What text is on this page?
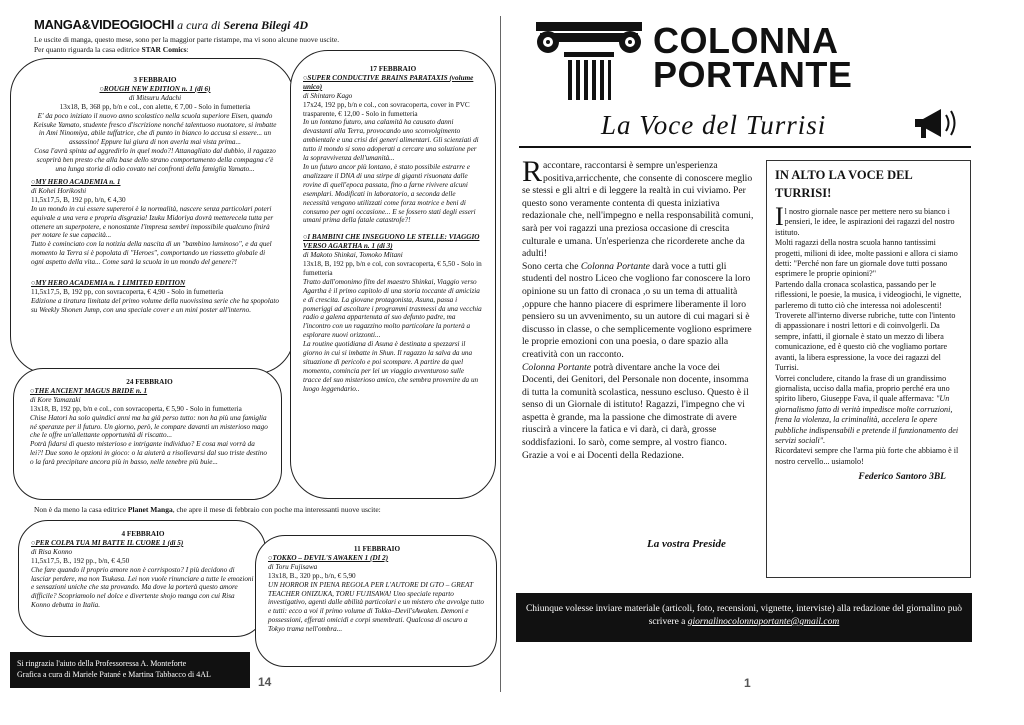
MANGA&VIDEOGIOCHI a cura di Serena Bilegi 4D
Le uscite di manga, questo mese, sono per la maggior parte ristampe, ma vi sono alcune nuove uscite.
Per quanto riguarda la casa editrice STAR Comics:

3 FEBBRAIO

○ROUGH NEW EDITION n. 1 (di 6)

di Mitsuru Adachi

13x18, B, 368 pp, b/n e col., con alette, € 7,00 - Solo in fumetteria

E' da poco iniziato il nuovo anno scolastico nella scuola superiore Eisen, quando Keisuke Yamato, studente fresco d'iscrizione nonché talentuoso nuotatore, si imbatte in Ami Ninomiya, abile tuffatrice, che di punto in bianco lo accusa si essere... un assassino! Eppure lui giura di non averla mai vista prima...

Cosa l'avrà spinta ad aggredirlo in quel modo?! Attanagliato dal dubbio, il ragazzo scoprirà ben presto che alla base dello strano comportamento della compagna c'è una lunga storia di odio covato nei confronti della famiglia Yamato...

○MY HERO ACADEMIA n. 1

di Kohei Horikoshi

11,5x17,5, B, 192 pp, b/n, € 4,30

In un mondo in cui essere supereroi è la normalità, nascere senza particolari poteri equivale a una vera e propria disgrazia! Izuku Midoriya dovrà metterecela tutta per ottenere un superpotere, e nonostante l'impresa sembri impossibile qualcuno finirà per notare le sue capacità...

Tutto è cominciato con la notizia della nascita di un "bambino luminoso", e da quel momento la Terra si è popolata di "Heroes", comportando un riassetto globale di ogni aspetto della vita... Come sarà la scuola in un mondo del genere?!

○MY HERO ACADEMIA n. 1 LIMITED EDITION

11,5x17,5, B, 192 pp, con sovracoperta, € 4,90 - Solo in fumetteria

Edizione a tiratura limitata del primo volume della nuovissima serie che ha spopolato su Weekly Shonen Jump, con una speciale cover e un mini poster all'interno.

17 FEBBRAIO

○SUPER CONDUCTIVE BRAINS PARATAXIS (volume unico)

di Shintaro Kago

17x24, 192 pp, b/n e col., con sovracoperta, cover in PVC trasparente, € 12,00 - Solo in fumetteria

In un lontano futuro, una calamità ha causato danni devastanti alla Terra, provocando uno sconvolgimento ambientale e una crisi dei generi alimentari. Gli scienziati di tutto il mondo si sono adoperati a cercare una soluzione per la sopravvivenza dell'umanità...

In un futuro ancor più lontano, è stato possibile estrarre e analizzare il DNA di una stirpe di giganti risuonata dalle rovine di quell'epoca passata, fino a farne rivivere alcuni esemplari. Modificati in laboratorio, a seconda delle necessità vengono utilizzati come forza motrice e beni di consumo per ogni occasione... E se fossero stati degli esseri umani prima della fatale catastrofe?!

○I BAMBINI CHE INSEGUONO LE STELLE: VIAGGIO VERSO AGARTHA n. 1 (di 3)

di Makoto Shinkai, Tomoko Mitani

13x18, B, 192 pp, b/n e col, con sovracoperta, € 5,50 - Solo in fumetteria

Tratto dall'omonimo film del maestro Shinkai, Viaggio verso Agartha è il primo capitolo di una storia toccante di amicizia e di crescita. La giovane protagonista, Asuna, passa i pomeriggi ad ascoltare i programmi trasmessi da una vecchia radio a galena appartenuta al suo defunto padre, ma l'incontro con un ragazzino molto particolare la porterà a esplorare nuovi orizzonti...

La routine quotidiana di Asuna è destinata a spezzarsi il giorno in cui si imbatte in Shun. Il ragazzo la salva da una situazione di pericolo e poi scompare. A partire da quel momento, comincia per lei un viaggio avventuroso sulle tracce del suo misterioso amico, che sembra provenire da un luogo leggendario..

24 FEBBRAIO

○THE ANCIENT MAGUS BRIDE n. 1

di Kore Yamazaki

13x18, B, 192 pp, b/n e col., con sovracoperta, € 5,90 - Solo in fumetteria

Chise Hatori ha solo quindici anni ma ha già perso tutto: non ha più una famiglia né speranze per il futuro. Un giorno, però, le compare davanti un misterioso mago che le offre un'allettante opportunità di riscatto...

Potrà fidarsi di questo misterioso e intrigante individuo? E cosa mai vorrà da lei?! Due sono le opzioni in gioco: o la aiuterà a risollevarsi dal suo triste destino o la farà precipitare ancora più in basso, nelle tenebre più buie...

Non è da meno la casa editrice Planet Manga, che apre il mese di febbraio con poche ma interessanti nuove uscite:

4 FEBBRAIO

○PER COLPA TUA MI BATTE IL CUORE 1 (di 5)

di Risa Konno

11,5x17,5, B., 192 pp., b/n, € 4,50

Che fare quando il proprio amore non è corrisposto? I più decidono di lasciar perdere, ma non Tsukasa. Lei non vuole rinunciare a tutte le emozioni e sensazioni uniche che sta provando. Ma dove la porterà questo amore difficile? Scopriamolo nel dolce e divertente shojo manga con cui Risa Konno debutta in Italia.

11 FEBBRAIO

○TOKKO – DEVIL'S AWAKEN 1 (DI 2)

di Toru Fujisawa

13x18, B., 320 pp., b/n, € 5,90

UN HORROR IN PIENA REGOLA PER L'AUTORE DI GTO – GREAT TEACHER ONIZUKA, TORU FUJISAWA! Uno speciale reparto investigativo, agenti dalle abilità particolari e un mistero che avvolge tutto e tutti: ecco a voi il primo volume di Tokko–Devil'sAwaken. Demoni e possessioni, efferati omicidi e corpi smembrati. Qualcosa di oscuro a Tokyo trama nell'ombra...

Si ringrazia l'aiuto della Professoressa A. Monteforte
Grafica a cura di Mariele Patané e Martina Tabbacco di 4AL
14
COLONNA
PORTANTE
La Voce del Turrisi
Raccontare, raccontarsi è sempre un'esperienza positiva,arricchente, che consente di conoscere meglio se stessi e gli altri e di leggere la realtà in cui viviamo. Per questo sono veramente contenta di questa iniziativa redazionale che, nell'impegno e nella responsabilità comuni, sarà per voi ragazzi una preziosa occasione di crescita culturale e umana. Un'esperienza che ricorderete anche da adulti!
Sono certa che Colonna Portante darà voce a tutti gli studenti del nostro Liceo che vogliono far conoscere la loro opinione su un fatto di cronaca ,o su un tema di attualità ,oppure che hanno piacere di esprimere liberamente il loro pensiero su un avvenimento, su un autore di cui magari si è discusso in classe, o che semplicemente vogliono esprimere le proprie emozioni con una poesia, o dare spazio alla creatività con un racconto.
Colonna Portante potrà diventare anche la voce dei Docenti, dei Genitori, del Personale non docente, insomma di tutta la comunità scolastica, nessuno escluso. Questo è il senso di un Giornale di istituto! Ragazzi, l'impegno che vi aspetta è grande, ma la passione che dimostrate di avere riuscirà a vincere la fatica e vi darà, ci darà, grosse soddisfazioni. Io sarò, come sempre, al vostro fianco. Grazie a voi e ai Docenti della Redazione.
La vostra Preside
IN ALTO LA VOCE DEL TURRISI!
Il nostro giornale nasce per mettere nero su bianco i pensieri, le idee, le aspirazioni dei ragazzi del nostro istituto.
Molti ragazzi della nostra scuola hanno tantissimi progetti, milioni di idee, molte passioni e allora ci siamo detti: "Perché non fare un giornale dove tutti possano esprimere le proprie opinioni?"
Partendo dalla cronaca scolastica, passando per le riflessioni, le poesie, la musica, i videogiochi, le vignette, parleremo di tutto ciò che interessa noi adolescenti!
Troverete all'interno diverse rubriche, tutte con l'intento di appassionare i nostri lettori e di coinvolgerli. Da sempre, infatti, il giornale è stato un mezzo di libera comunicazione, ed è questo ciò che vogliamo portare avanti, la libera espressione, la voce dei ragazzi del Turrisi.
Vorrei concludere, citando la frase di un grandissimo giornalista, ucciso dalla mafia, proprio perché era uno spirito libero, Giuseppe Fava, il quale affermava: "Un giornalismo fatto di verità impedisce molte corruzioni, frena la violenza, la criminalità, accelera le opere pubbliche indispensabili e pretende il funzionamento dei servizi sociali".
Ricordatevi sempre che l'arma più forte che abbiamo è il nostro cervello... usiamolo!
Federico Santoro 3BL
Chiunque volesse inviare materiale (articoli, foto, recensioni, vignette, interviste) alla redazione del giornalino può scrivere a giornalinocolonnaportante@gmail.com
1
